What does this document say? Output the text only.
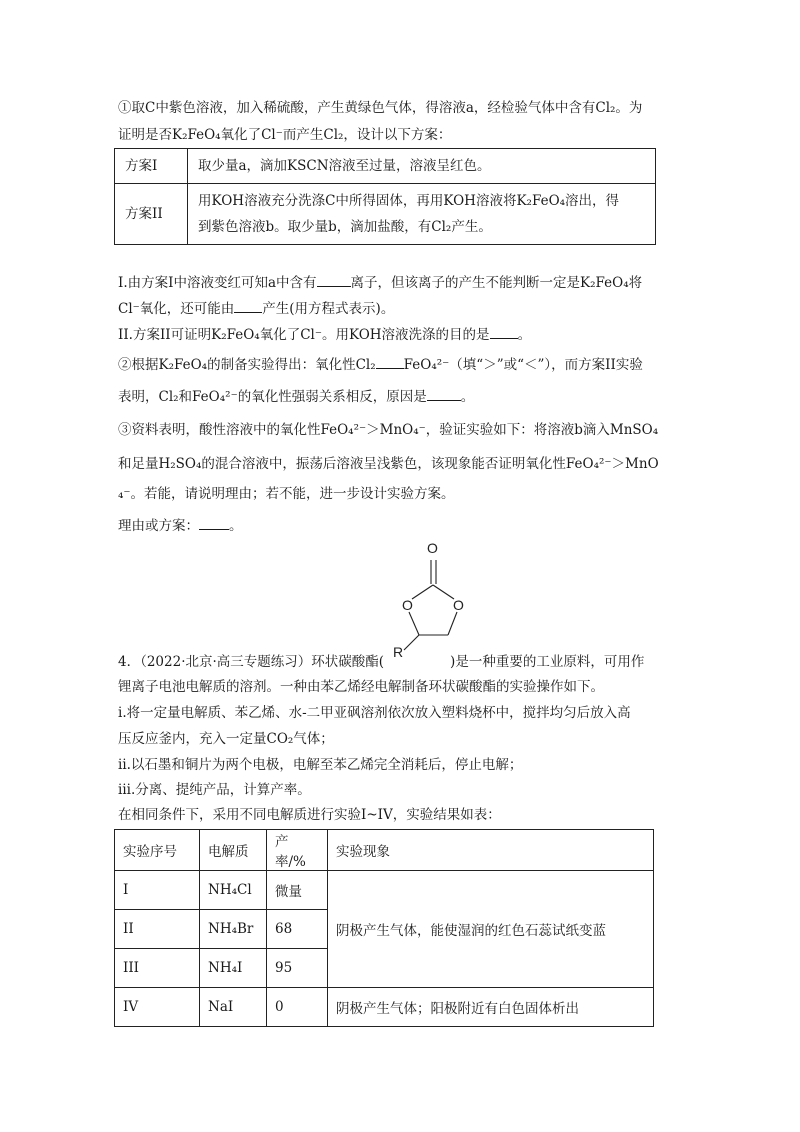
①取C中紫色溶液，加入稀硫酸，产生黄绿色气体，得溶液a，经检验气体中含有Cl₂。为
证明是否K₂FeO₄氧化了Cl⁻而产生Cl₂，设计以下方案：
方案I	取少量a，滴加KSCN溶液至过量，溶液呈红色。
方案II	用KOH溶液充分洗涤C中所得固体，再用KOH溶液将K₂FeO₄溶出，得
到紫色溶液b。取少量b，滴加盐酸，有Cl₂产生。
I.由方案I中溶液变红可知a中含有	离子，但该离子的产生不能判断一定是K₂FeO₄将
Cl⁻氧化，还可能由 产生(用方程式表示)。
II.方案II可证明K₂FeO₄氧化了Cl⁻。用KOH溶液洗涤的目的是 。
②根据K₂FeO₄的制备实验得出：氧化性Cl₂ FeO₄²⁻（填“＞”或“＜”），而方案II实验
表明，Cl₂和FeO₄²⁻的氧化性强弱关系相反，原因是	。
③资料表明，酸性溶液中的氧化性FeO₄²⁻＞MnO₄⁻，验证实验如下：将溶液b滴入MnSO₄
和足量H₂SO₄的混合溶液中，振荡后溶液呈浅紫色，该现象能否证明氧化性FeO₄²⁻＞MnO
₄⁻。若能，请说明理由；若不能，进一步设计实验方案。
理由或方案： 。
O
O	O
R
4．（2022·北京·高三专题练习）环状碳酸酯(	)是一种重要的工业原料，可用作
锂离子电池电解质的溶剂。一种由苯乙烯经电解制备环状碳酸酯的实验操作如下。
ⅰ.将一定量电解质、苯乙烯、水-二甲亚砜溶剂依次放入塑料烧杯中，搅拌均匀后放入高
压反应釜内，充入一定量CO₂气体；
ⅱ.以石墨和铜片为两个电极，电解至苯乙烯完全消耗后，停止电解；
ⅲ.分离、提纯产品，计算产率。
在相同条件下，采用不同电解质进行实验I~IV，实验结果如表：
实验序号	电解质	产率/%	实验现象
I	NH₄Cl	微量	阴极产生气体，能使湿润的红色石蕊试纸变蓝
II	NH₄Br	68	
III	NH₄I	95	
IV	NaI	0	阴极产生气体；阳极附近有白色固体析出
